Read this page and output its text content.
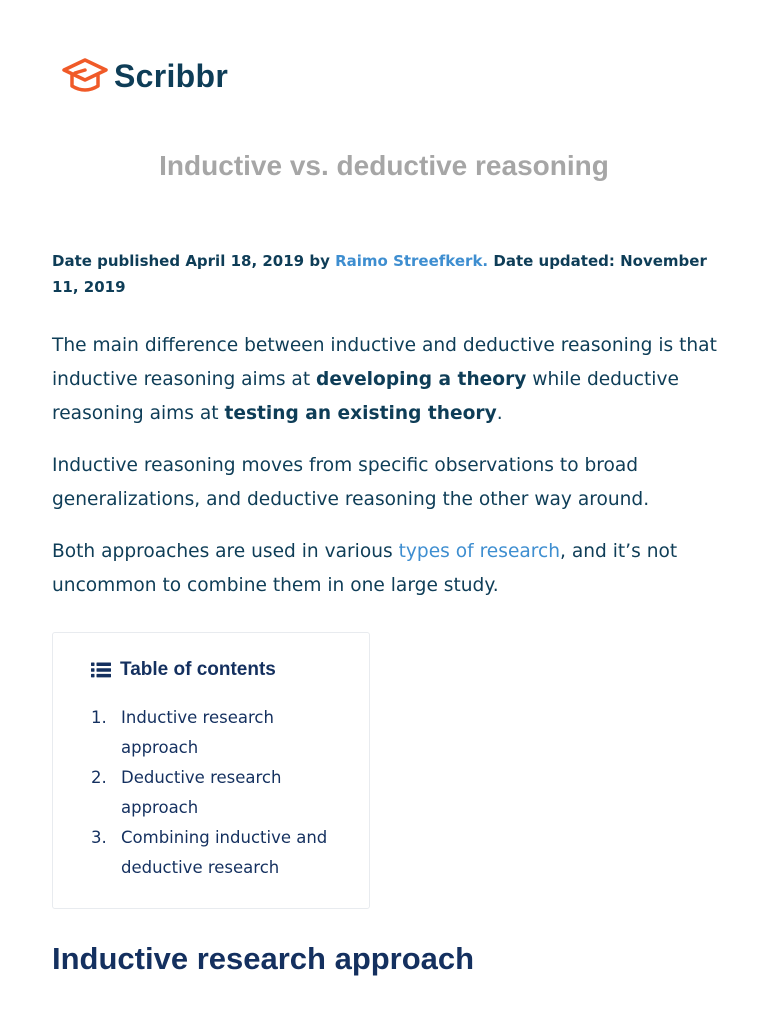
Scribbr
Inductive vs. deductive reasoning

Date published April 18, 2019 by Raimo Streefkerk. Date updated: November 11, 2019

The main difference between inductive and deductive reasoning is that inductive reasoning aims at developing a theory while deductive reasoning aims at testing an existing theory.

Inductive reasoning moves from specific observations to broad generalizations, and deductive reasoning the other way around.

Both approaches are used in various types of research, and it’s not uncommon to combine them in one large study.

Table of contents
1. Inductive research approach
2. Deductive research approach
3. Combining inductive and deductive research
Inductive research approach
